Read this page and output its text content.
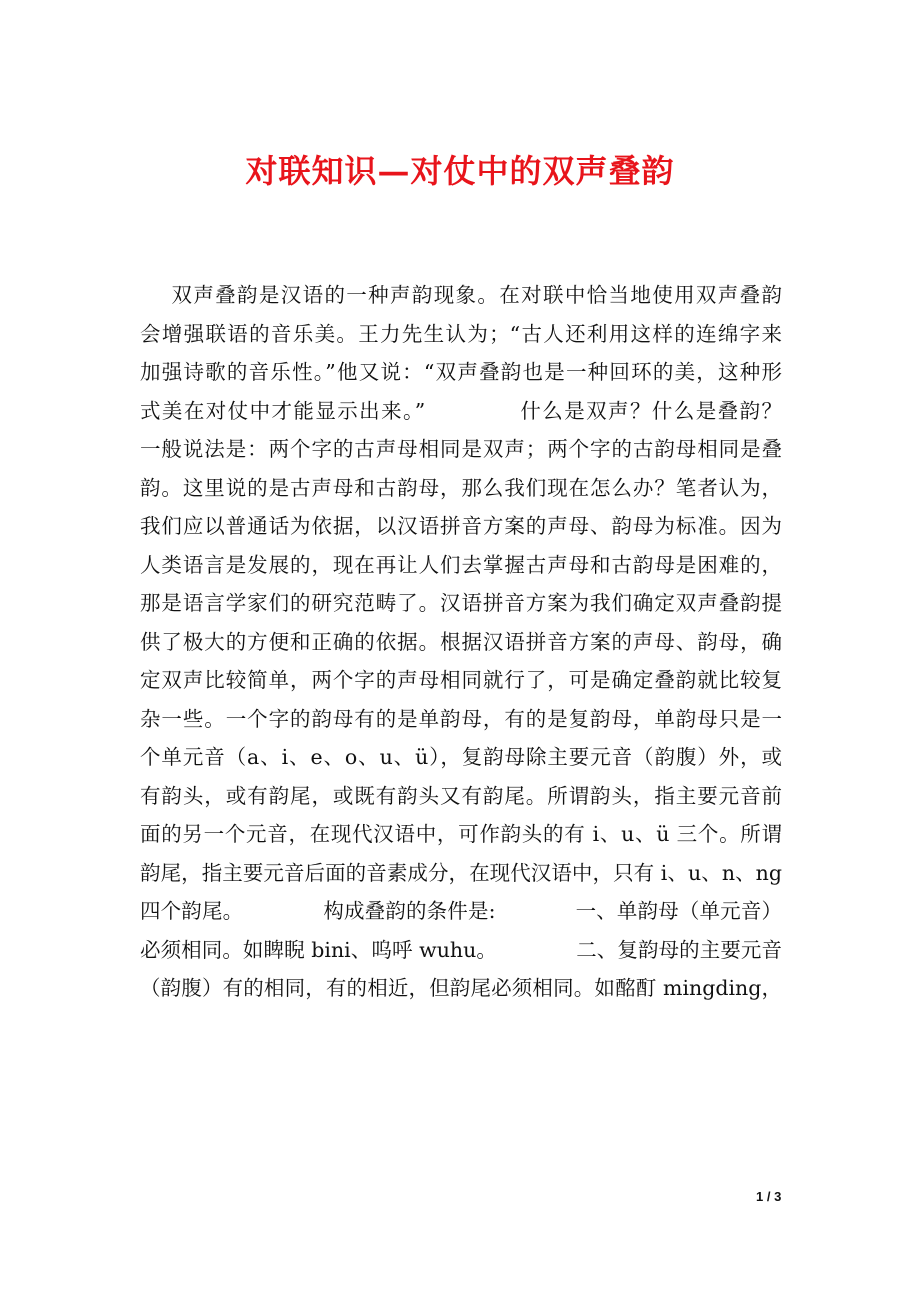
对联知识—对仗中的双声叠韵
双声叠韵是汉语的一种声韵现象。在对联中恰当地使用双声叠韵
会增强联语的音乐美。王力先生认为；“古人还利用这样的连绵字来
加强诗歌的音乐性。”他又说：“双声叠韵也是一种回环的美，这种形
式美在对仗中才能显示出来。”            什么是双声？什么是叠韵？
一般说法是：两个字的古声母相同是双声；两个字的古韵母相同是叠
韵。这里说的是古声母和古韵母，那么我们现在怎么办？笔者认为，
我们应以普通话为依据，以汉语拼音方案的声母、韵母为标准。因为
人类语言是发展的，现在再让人们去掌握古声母和古韵母是困难的，
那是语言学家们的研究范畴了。汉语拼音方案为我们确定双声叠韵提
供了极大的方便和正确的依据。根据汉语拼音方案的声母、韵母，确
定双声比较简单，两个字的声母相同就行了，可是确定叠韵就比较复
杂一些。一个字的韵母有的是单韵母，有的是复韵母，单韵母只是一
个单元音（a、i、e、o、u、ü），复韵母除主要元音（韵腹）外，或
有韵头，或有韵尾，或既有韵头又有韵尾。所谓韵头，指主要元音前
面的另一个元音，在现代汉语中，可作韵头的有 i、u、ü 三个。所谓
韵尾，指主要元音后面的音素成分，在现代汉语中，只有 i、u、n、ng
四个韵尾。            构成叠韵的条件是:            一、单韵母（单元音）
必须相同。如睥睨 bini、呜呼 wuhu。            二、复韵母的主要元音
（韵腹）有的相同，有的相近，但韵尾必须相同。如酩酊 mingding，
1 / 3
